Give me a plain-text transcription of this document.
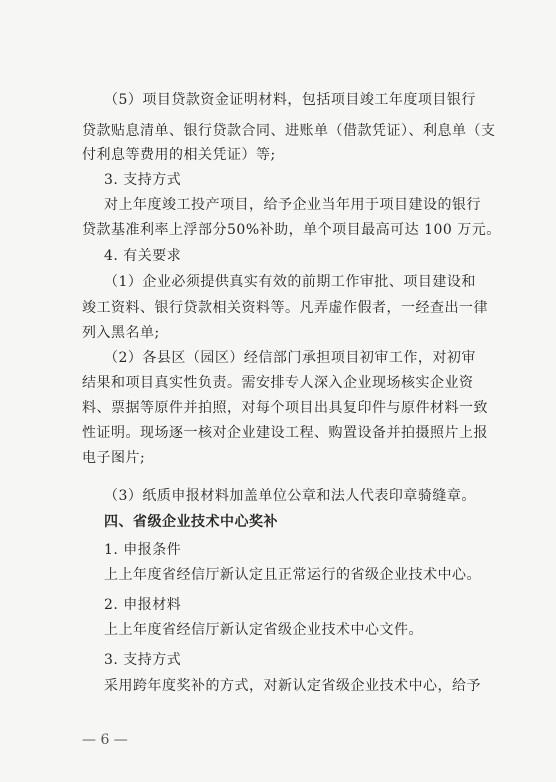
（5）项目贷款资金证明材料，包括项目竣工年度项目银行
贷款贴息清单、银行贷款合同、进账单（借款凭证）、利息单（支
付利息等费用的相关凭证）等;
3. 支持方式
对上年度竣工投产项目，给予企业当年用于项目建设的银行
贷款基准利率上浮部分50%补助，单个项目最高可达 100 万元。
4. 有关要求
（1）企业必须提供真实有效的前期工作审批、项目建设和
竣工资料、银行贷款相关资料等。凡弄虚作假者，一经查出一律
列入黑名单;
（2）各县区（园区）经信部门承担项目初审工作，对初审
结果和项目真实性负责。需安排专人深入企业现场核实企业资
料、票据等原件并拍照，对每个项目出具复印件与原件材料一致
性证明。现场逐一核对企业建设工程、购置设备并拍摄照片上报
电子图片;
（3）纸质申报材料加盖单位公章和法人代表印章骑缝章。
四、省级企业技术中心奖补
1. 申报条件
上上年度省经信厅新认定且正常运行的省级企业技术中心。
2. 申报材料
上上年度省经信厅新认定省级企业技术中心文件。
3. 支持方式
采用跨年度奖补的方式，对新认定省级企业技术中心，给予
— 6 —
